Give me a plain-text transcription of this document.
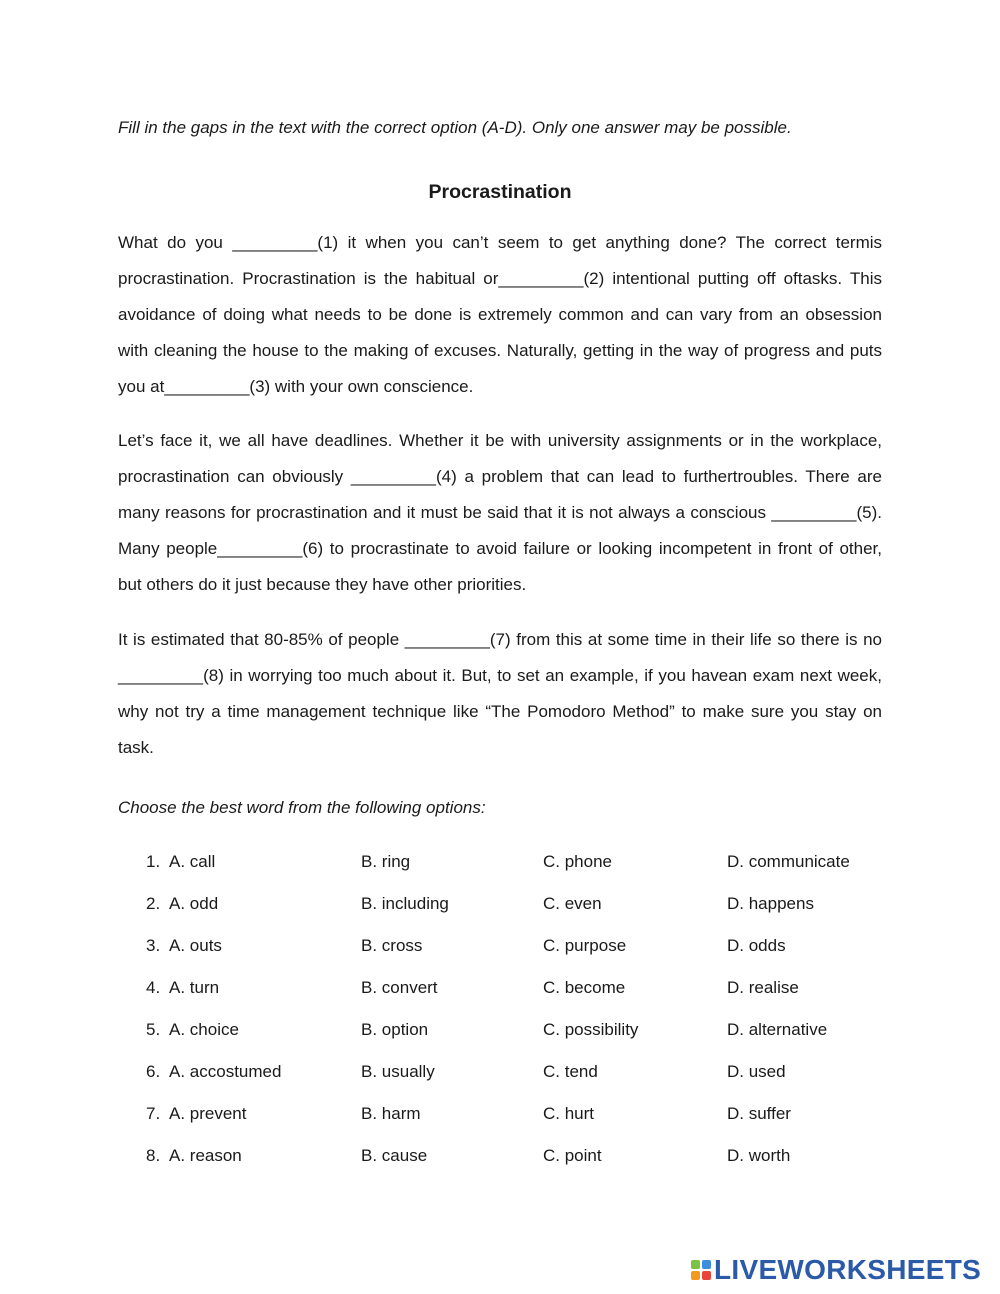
Fill in the gaps in the text with the correct option (A-D). Only one answer may be possible.

Procrastination

What do you _________(1) it when you can’t seem to get anything done? The correct termis procrastination. Procrastination is the habitual or_________(2) intentional putting off oftasks. This avoidance of doing what needs to be done is extremely common and can vary from an obsession with cleaning the house to the making of excuses. Naturally, getting in the way of progress and puts you at_________(3) with your own conscience.

Let’s face it, we all have deadlines. Whether it be with university assignments or in the workplace, procrastination can obviously _________(4) a problem that can lead to furthertroubles. There are many reasons for procrastination and it must be said that it is not always a conscious _________(5). Many people_________(6) to procrastinate to avoid failure or looking incompetent in front of other, but others do it just because they have other priorities.

It is estimated that 80-85% of people _________(7) from this at some time in their life so there is no _________(8) in worrying too much about it. But, to set an example, if you havean exam next week, why not try a time management technique like “The Pomodoro Method” to make sure you stay on task.

Choose the best word from the following options:

1. A. call	B. ring	C. phone	D. communicate
2. A. odd	B. including	C. even	D. happens
3. A. outs	B. cross	C. purpose	D. odds
4. A. turn	B. convert	C. become	D. realise
5. A. choice	B. option	C. possibility	D. alternative
6. A. accostumed	B. usually	C. tend	D. used
7. A. prevent	B. harm	C. hurt	D. suffer
8. A. reason	B. cause	C. point	D. worth
LIVEWORKSHEETS
